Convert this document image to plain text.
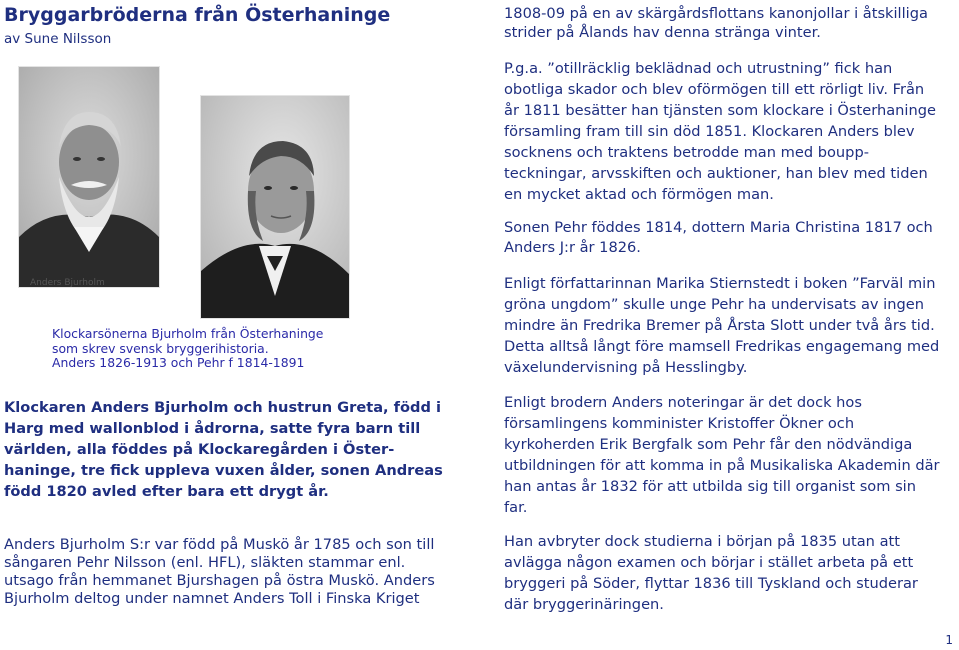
Bryggarbröderna från Österhaninge
av Sune Nilsson
Anders Bjurholm
Klockarsönerna Bjurholm från Österhaninge
som skrev svensk bryggerihistoria.
Anders 1826-1913 och Pehr f 1814-1891
Klockaren Anders Bjurholm och hustrun Greta, född i
Harg med wallonblod i ådrorna, satte fyra barn till
världen, alla föddes på Klockaregården i Öster-
haninge, tre fick uppleva vuxen ålder, sonen Andreas
född 1820 avled efter bara ett drygt år.
Anders Bjurholm S:r var född på Muskö år 1785 och son till
sångaren Pehr Nilsson (enl. HFL), släkten stammar enl.
utsago från hemmanet Bjurshagen på östra Muskö. Anders
Bjurholm deltog under namnet Anders Toll i Finska Kriget
1808-09 på en av skärgårdsflottans kanonjollar i åtskilliga
strider på Ålands hav denna stränga vinter.
P.g.a. ”otillräcklig beklädnad och utrustning” fick han
obotliga skador och blev oförmögen till ett rörligt liv. Från
år 1811 besätter han tjänsten som klockare i Österhaninge
församling fram till sin död 1851. Klockaren Anders blev
socknens och traktens betrodde man med boupp-
teckningar, arvsskiften och auktioner, han blev med tiden
en mycket aktad och förmögen man.
Sonen Pehr föddes 1814, dottern Maria Christina 1817 och
Anders J:r år 1826.
Enligt författarinnan Marika Stiernstedt i boken ”Farväl min
gröna ungdom” skulle unge Pehr ha undervisats av ingen
mindre än Fredrika Bremer på Årsta Slott under två års tid.
Detta alltså långt före mamsell Fredrikas engagemang med
växelundervisning på Hesslingby.
Enligt brodern Anders noteringar är det dock hos
församlingens komminister Kristoffer Ökner och
kyrkoherden Erik Bergfalk som Pehr får den nödvändiga
utbildningen för att komma in på Musikaliska Akademin där
han antas år 1832 för att utbilda sig till organist som sin
far.
Han avbryter dock studierna i början på 1835 utan att
avlägga någon examen och börjar i stället arbeta på ett
bryggeri på Söder, flyttar 1836 till Tyskland och studerar
där bryggerinäringen.
1
